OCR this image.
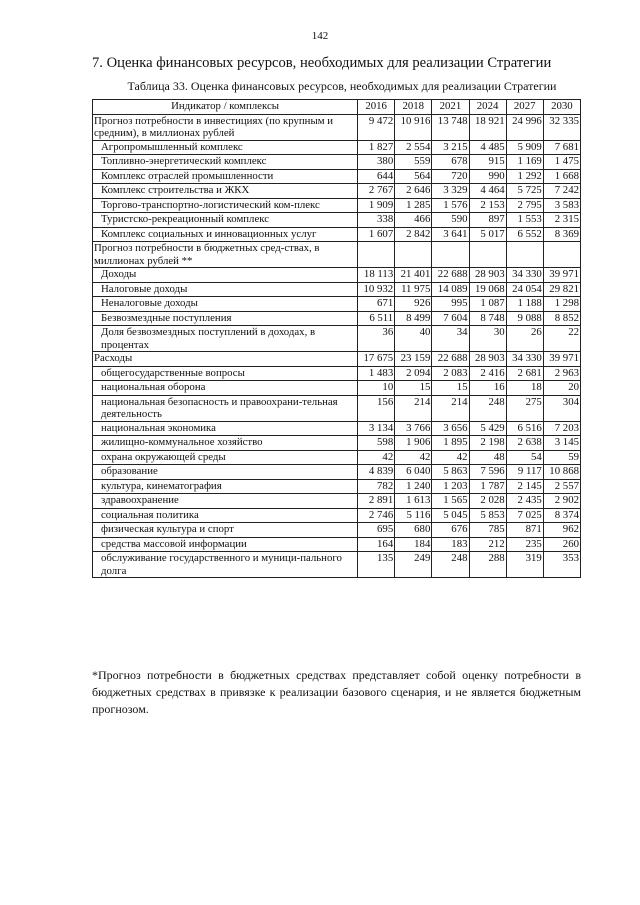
142
7. Оценка финансовых ресурсов, необходимых для реализации Стратегии
Таблица 33. Оценка финансовых ресурсов, необходимых для реализации Стратегии
Индикатор / комплексы	2016	2018	2021	2024	2027	2030
Прогноз потребности в инвестициях (по крупным и средним), в миллионах рублей	9 472	10 916	13 748	18 921	24 996	32 335
Агропромышленный комплекс	1 827	2 554	3 215	4 485	5 909	7 681
Топливно-энергетический комплекс	380	559	678	915	1 169	1 475
Комплекс отраслей промышленности	644	564	720	990	1 292	1 668
Комплекс строительства и ЖКХ	2 767	2 646	3 329	4 464	5 725	7 242
Торгово-транспортно-логистический ком-плекс	1 909	1 285	1 576	2 153	2 795	3 583
Туристско-рекреационный комплекс	338	466	590	897	1 553	2 315
Комплекс социальных и инновационных услуг	1 607	2 842	3 641	5 017	6 552	8 369
Прогноз потребности в бюджетных сред-ствах, в миллионах рублей **						
Доходы	18 113	21 401	22 688	28 903	34 330	39 971
Налоговые доходы	10 932	11 975	14 089	19 068	24 054	29 821
Неналоговые доходы	671	926	995	1 087	1 188	1 298
Безвозмездные поступления	6 511	8 499	7 604	8 748	9 088	8 852
Доля безвозмездных поступлений в доходах, в процентах	36	40	34	30	26	22
Расходы	17 675	23 159	22 688	28 903	34 330	39 971
общегосударственные вопросы	1 483	2 094	2 083	2 416	2 681	2 963
национальная оборона	10	15	15	16	18	20
национальная безопасность и правоохрани-тельная деятельность	156	214	214	248	275	304
национальная экономика	3 134	3 766	3 656	5 429	6 516	7 203
жилищно-коммунальное хозяйство	598	1 906	1 895	2 198	2 638	3 145
охрана окружающей среды	42	42	42	48	54	59
образование	4 839	6 040	5 863	7 596	9 117	10 868
культура, кинематография	782	1 240	1 203	1 787	2 145	2 557
здравоохранение	2 891	1 613	1 565	2 028	2 435	2 902
социальная политика	2 746	5 116	5 045	5 853	7 025	8 374
физическая культура и спорт	695	680	676	785	871	962
средства массовой информации	164	184	183	212	235	260
обслуживание государственного и муници-пального долга	135	249	248	288	319	353
*Прогноз потребности в бюджетных средствах представляет собой оценку потребности в бюджетных средствах в привязке к реализации базового сценария, и не является бюджетным прогнозом.
